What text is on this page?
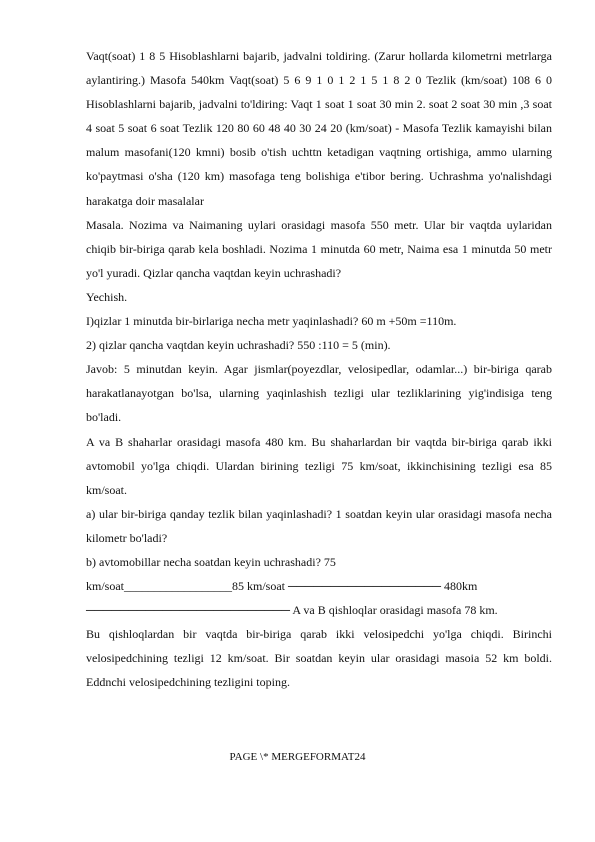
Vaqt(soat) 1 8 5 Hisoblashlarni bajarib, jadvalni toldiring. (Zarur hollarda kilometrni metrlarga aylantiring.) Masofa 540km Vaqt(soat) 5 6 9 1 0 1 2 1 5 1 8 2 0 Tezlik (km/soat) 108 6 0 Hisoblashlarni bajarib, jadvalni to'ldiring: Vaqt 1 soat 1 soat 30 min 2. soat 2 soat 30 min ,3 soat 4 soat 5 soat 6 soat Tezlik 120 80 60 48 40 30 24 20 (km/soat) - Masofa Tezlik kamayishi bilan malum masofani(120 kmni) bosib o'tish uchttn ketadigan vaqtning ortishiga, ammo ularning ko'paytmasi o'sha (120 km) masofaga teng bolishiga e'tibor bering. Uchrashma yo'nalishdagi harakatga doir masalalar

Masala. Nozima va Naimaning uylari orasidagi masofa 550 metr. Ular bir vaqtda uylaridan chiqib bir-biriga qarab kela boshladi. Nozima 1 minutda 60 metr, Naima esa 1 minutda 50 metr yo'l yuradi. Qizlar qancha vaqtdan keyin uchrashadi?

Yechish.

I)qizlar 1 minutda bir-birlariga necha metr yaqinlashadi? 60 m +50m =110m.

2) qizlar qancha vaqtdan keyin uchrashadi? 550 :110 = 5 (min).

Javob: 5 minutdan keyin. Agar jismlar(poyezdlar, velosipedlar, odamlar...) bir-biriga qarab harakatlanayotgan bo'lsa, ularning yaqinlashish tezligi ular tezliklarining yig'indisiga teng bo'ladi.

A va B shaharlar orasidagi masofa 480 km. Bu shaharlardan bir vaqtda bir-biriga qarab ikki avtomobil yo'lga chiqdi. Ulardan birining tezligi 75 km/soat, ikkinchisining tezligi esa 85 km/soat.

a) ular bir-biriga qanday tezlik bilan yaqinlashadi? 1 soatdan keyin ular orasidagi masofa necha kilometr bo'ladi?

b) avtomobillar necha soatdan keyin uchrashadi? 75

km/soat__________________85 km/soat ────────────────── 480km

──────────────────────── A va B qishloqlar orasidagi masofa 78 km.

Bu qishloqlardan bir vaqtda bir-biriga qarab ikki velosipedchi yo'lga chiqdi. Birinchi velosipedchining tezligi 12 km/soat. Bir soatdan keyin ular orasidagi masoia 52 km boldi. Eddnchi velosipedchining tezligini toping.

PAGE \* MERGEFORMAT24
